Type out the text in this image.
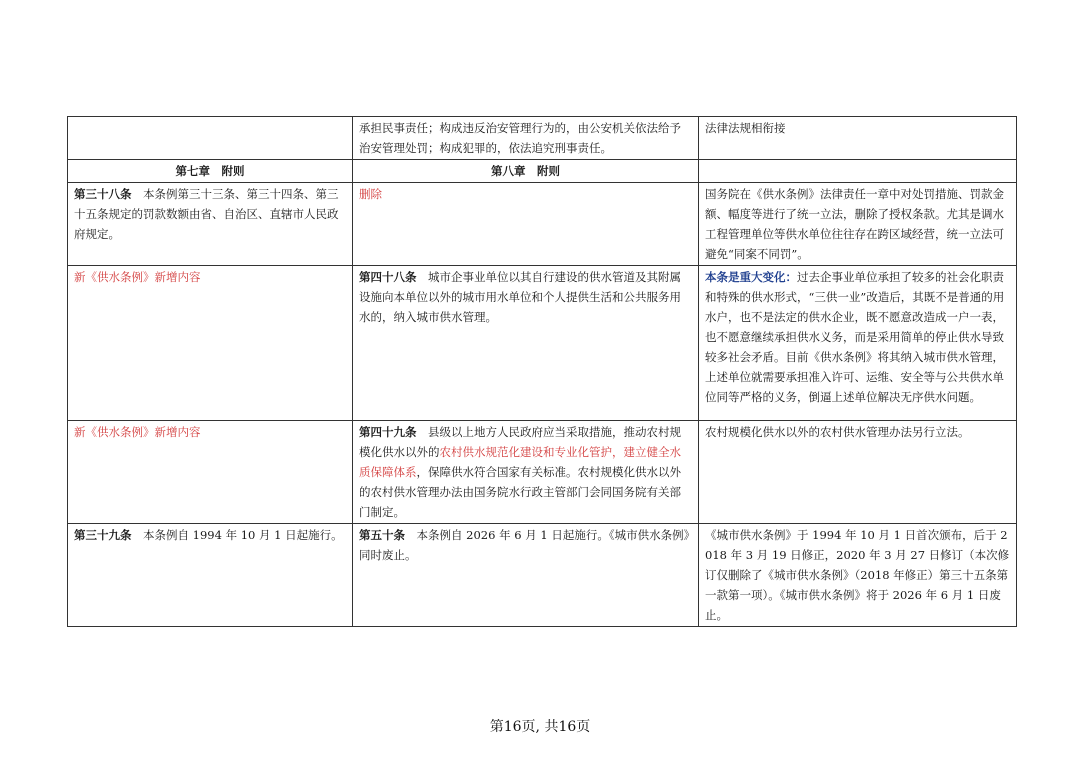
	承担民事责任；构成违反治安管理行为的，由公安机关依法给予治安管理处罚；构成犯罪的，依法追究刑事责任。	法律法规相衔接
第七章　附则	第八章　附则	
第三十八条　本条例第三十三条、第三十四条、第三十五条规定的罚款数额由省、自治区、直辖市人民政府规定。	删除	国务院在《供水条例》法律责任一章中对处罚措施、罚款金额、幅度等进行了统一立法，删除了授权条款。尤其是调水工程管理单位等供水单位往往存在跨区域经营，统一立法可避免“同案不同罚”。
新《供水条例》新增内容	第四十八条　城市企事业单位以其自行建设的供水管道及其附属设施向本单位以外的城市用水单位和个人提供生活和公共服务用水的，纳入城市供水管理。	本条是重大变化：过去企事业单位承担了较多的社会化职责和特殊的供水形式，“三供一业”改造后，其既不是普通的用水户，也不是法定的供水企业，既不愿意改造成一户一表，也不愿意继续承担供水义务，而是采用简单的停止供水导致较多社会矛盾。目前《供水条例》将其纳入城市供水管理，上述单位就需要承担准入许可、运维、安全等与公共供水单位同等严格的义务，倒逼上述单位解决无序供水问题。
新《供水条例》新增内容	第四十九条　县级以上地方人民政府应当采取措施，推动农村规模化供水以外的农村供水规范化建设和专业化管护，建立健全水质保障体系，保障供水符合国家有关标准。农村规模化供水以外的农村供水管理办法由国务院水行政主管部门会同国务院有关部门制定。	农村规模化供水以外的农村供水管理办法另行立法。
第三十九条　本条例自 1994 年 10 月 1 日起施行。	第五十条　本条例自 2026 年 6 月 1 日起施行。《城市供水条例》同时废止。	《城市供水条例》于 1994 年 10 月 1 日首次颁布，后于 2018 年 3 月 19 日修正，2020 年 3 月 27 日修订（本次修订仅删除了《城市供水条例》（2018 年修正）第三十五条第一款第一项）。《城市供水条例》将于 2026 年 6 月 1 日废止。
第16页, 共16页
